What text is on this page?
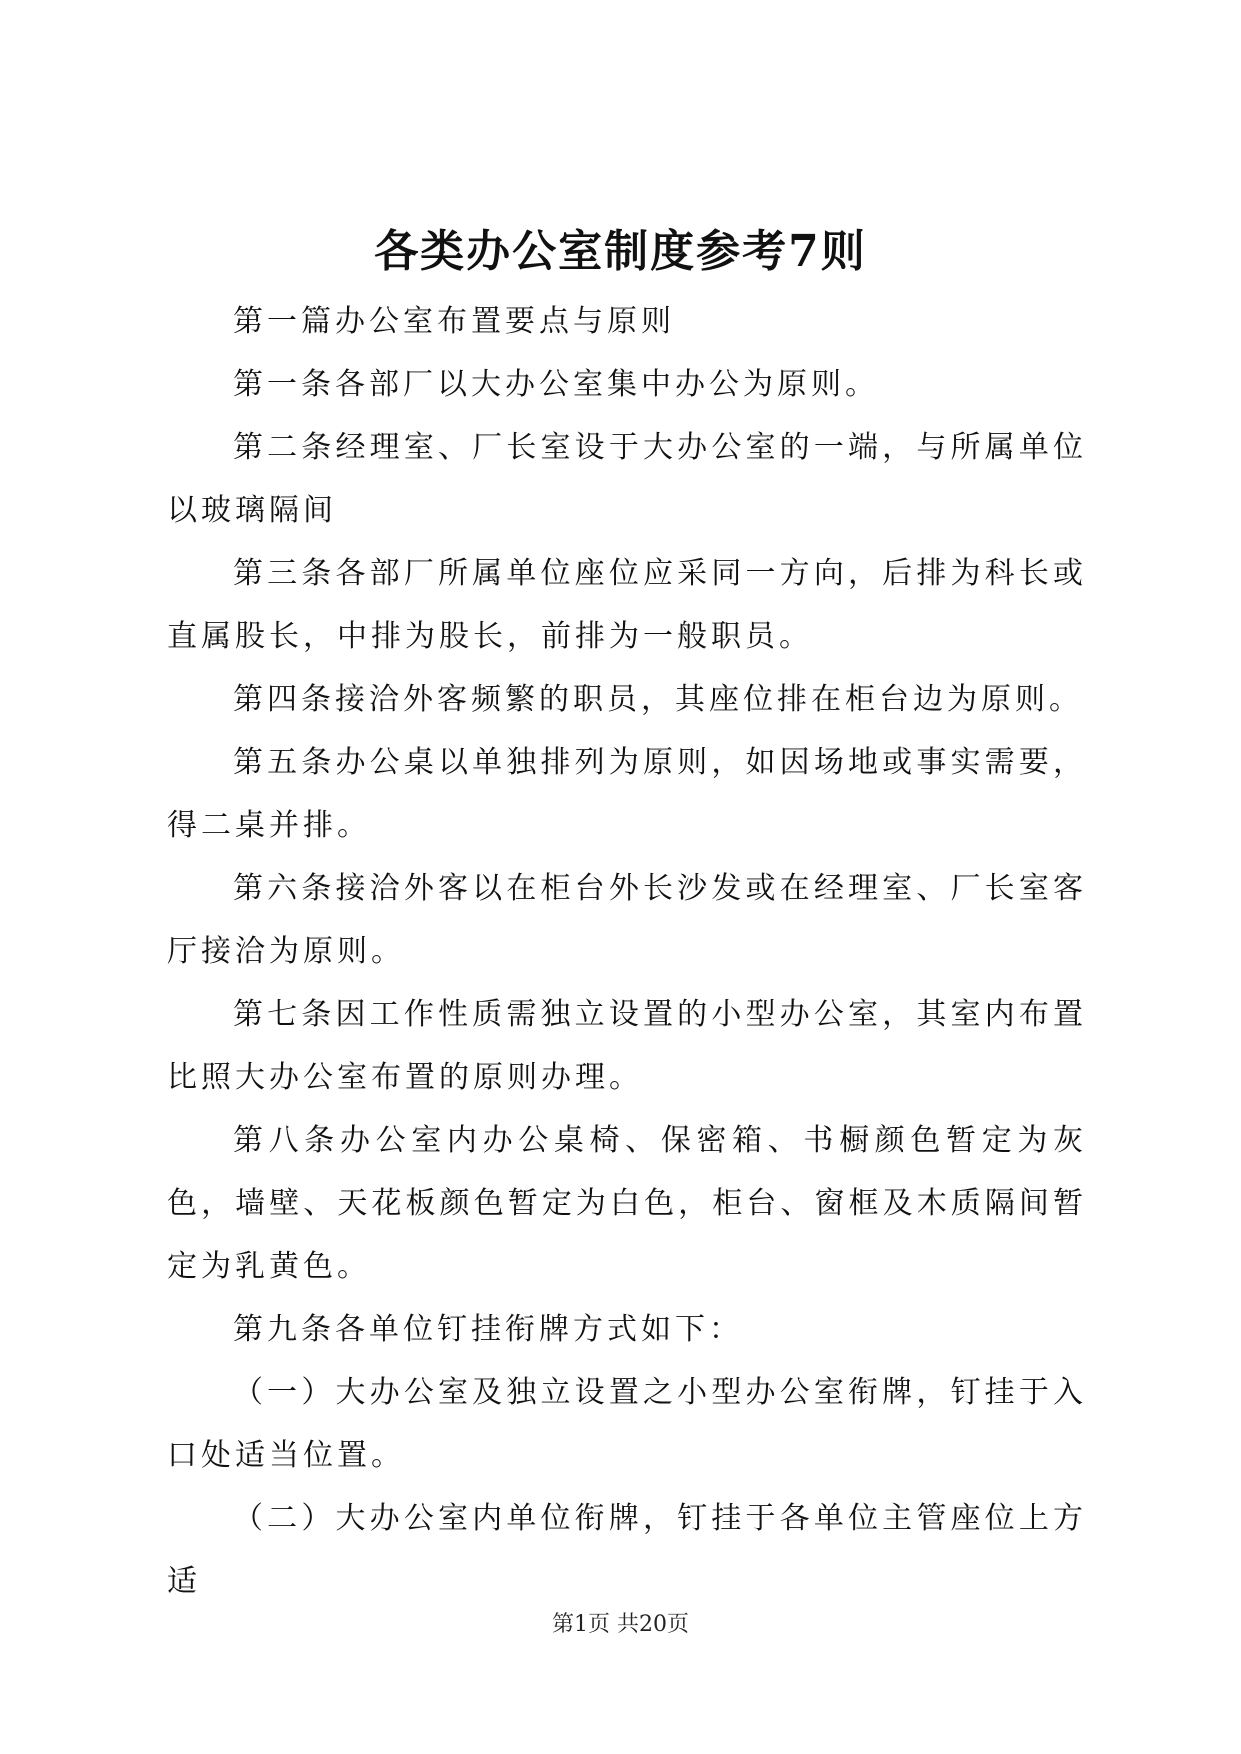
各类办公室制度参考7则

第一篇办公室布置要点与原则

第一条各部厂以大办公室集中办公为原则。

第二条经理室、厂长室设于大办公室的一端，与所属单位以玻璃隔间

第三条各部厂所属单位座位应采同一方向，后排为科长或直属股长，中排为股长，前排为一般职员。

第四条接洽外客频繁的职员，其座位排在柜台边为原则。

第五条办公桌以单独排列为原则，如因场地或事实需要，得二桌并排。

第六条接洽外客以在柜台外长沙发或在经理室、厂长室客厅接洽为原则。

第七条因工作性质需独立设置的小型办公室，其室内布置比照大办公室布置的原则办理。

第八条办公室内办公桌椅、保密箱、书橱颜色暂定为灰色，墙壁、天花板颜色暂定为白色，柜台、窗框及木质隔间暂定为乳黄色。

第九条各单位钉挂衔牌方式如下：

（一）大办公室及独立设置之小型办公室衔牌，钉挂于入口处适当位置。

（二）大办公室内单位衔牌，钉挂于各单位主管座位上方适

第1页 共20页
